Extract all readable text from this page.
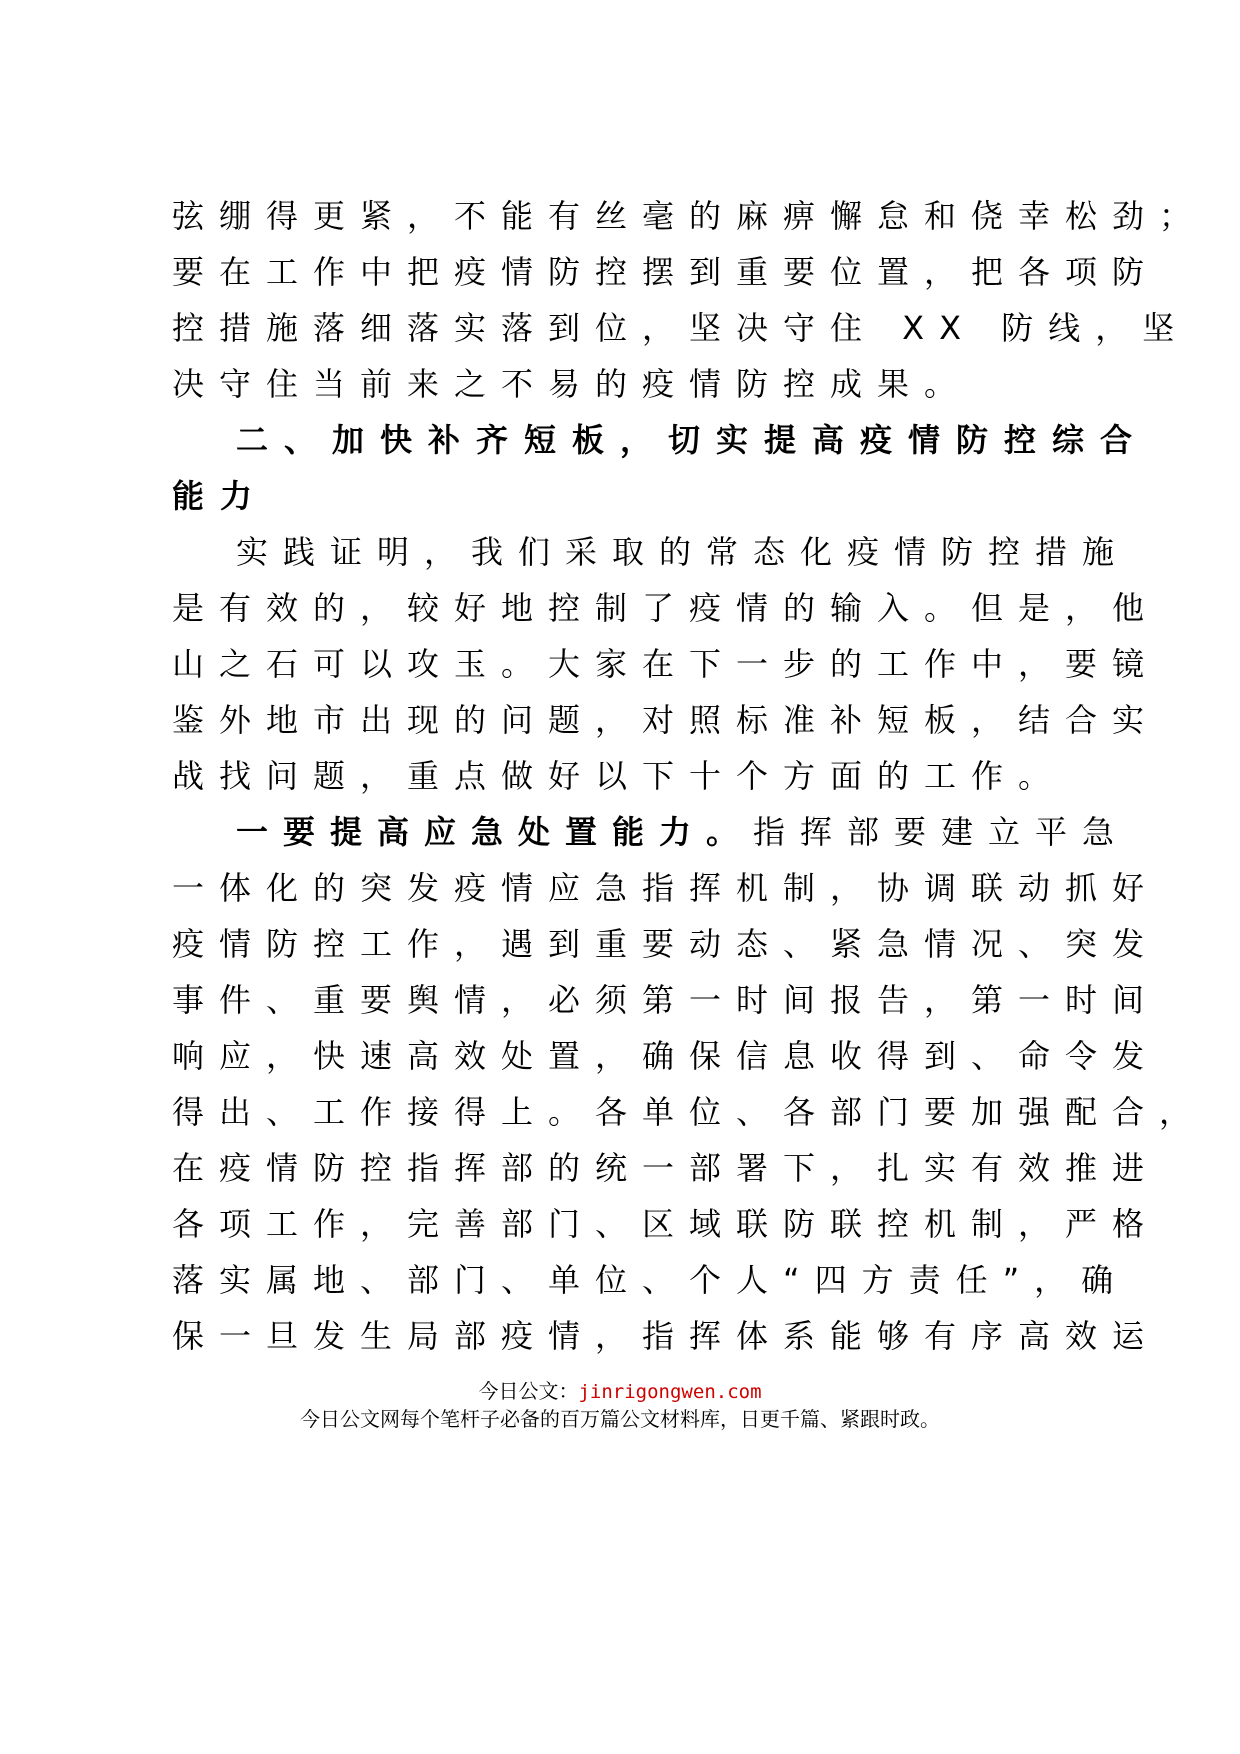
弦绷得更紧，不能有丝毫的麻痹懈怠和侥幸松劲；
要在工作中把疫情防控摆到重要位置，把各项防
控措施落细落实落到位，坚决守住 XX 防线，坚
决守住当前来之不易的疫情防控成果。
二、加快补齐短板，切实提高疫情防控综合
能力
实践证明，我们采取的常态化疫情防控措施
是有效的，较好地控制了疫情的输入。但是，他
山之石可以攻玉。大家在下一步的工作中，要镜
鉴外地市出现的问题，对照标准补短板，结合实
战找问题，重点做好以下十个方面的工作。
一要提高应急处置能力。指挥部要建立平急
一体化的突发疫情应急指挥机制，协调联动抓好
疫情防控工作，遇到重要动态、紧急情况、突发
事件、重要舆情，必须第一时间报告，第一时间
响应，快速高效处置，确保信息收得到、命令发
得出、工作接得上。各单位、各部门要加强配合，
在疫情防控指挥部的统一部署下，扎实有效推进
各项工作，完善部门、区域联防联控机制，严格
落实属地、部门、单位、个人“四方责任”，确
保一旦发生局部疫情，指挥体系能够有序高效运
今日公文：jinrigongwen.com
今日公文网每个笔杆子必备的百万篇公文材料库，日更千篇、紧跟时政。
